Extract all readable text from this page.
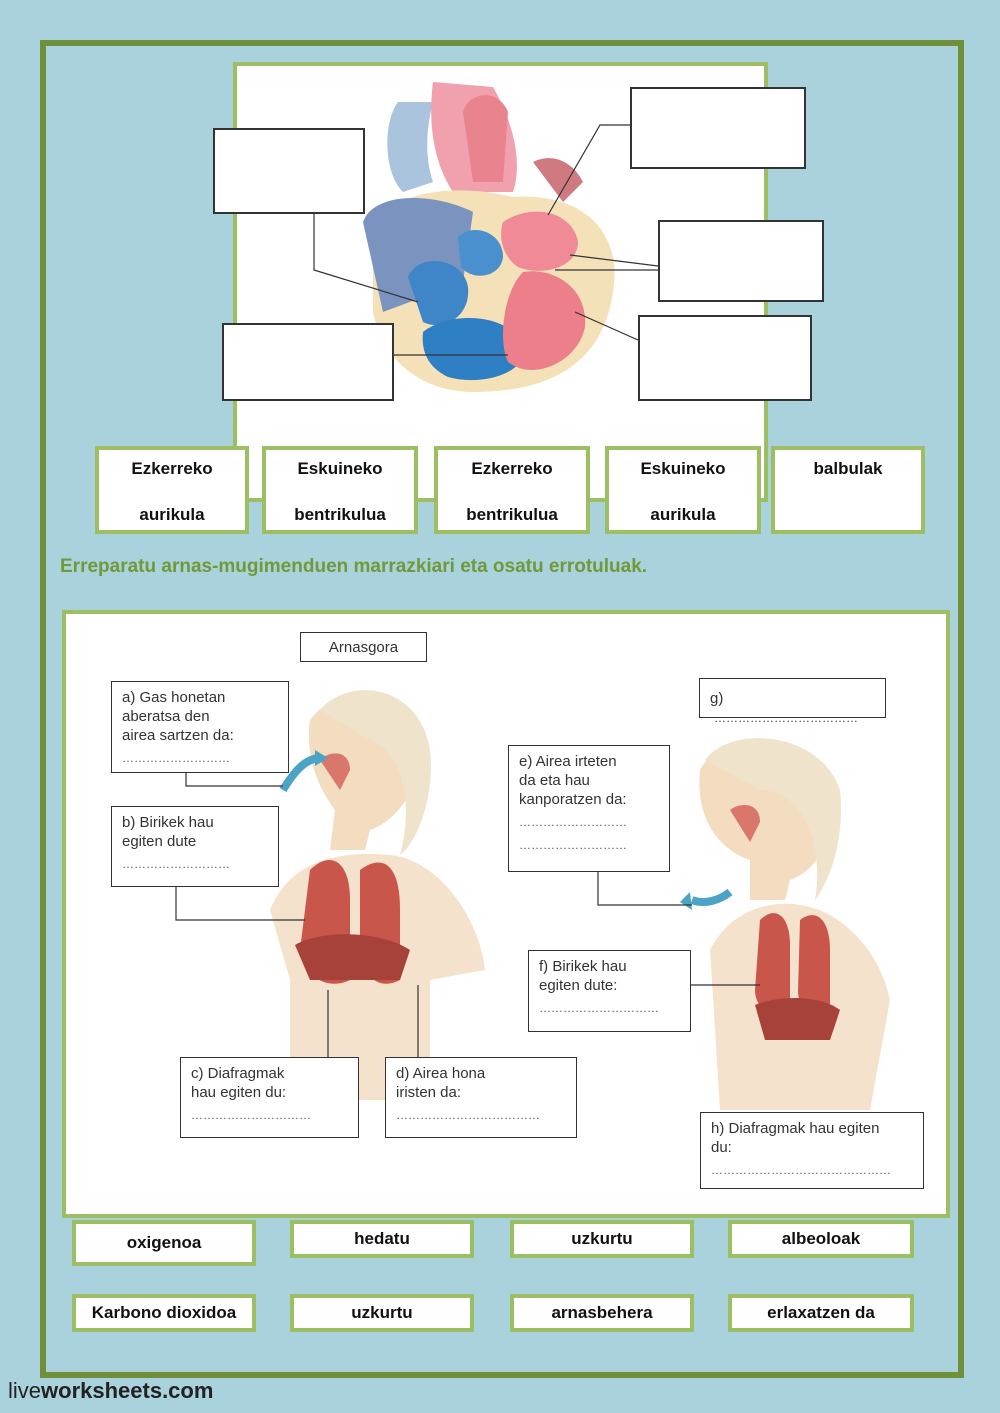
Ezkerreko
aurikula
Eskuineko
bentrikulua
Ezkerreko
bentrikulua
Eskuineko
aurikula
balbulak
Erreparatu arnas-mugimenduen marrazkiari eta osatu errotuluak.
Arnasgora
g) ………………………………
a) Gas honetan
aberatsa den
airea sartzen da:
………………………
b) Birikek hau
egiten dute
………………………
c) Diafragmak
hau egiten du:
…………………………
d) Airea hona
iristen da:
………………………………
e) Airea irteten
da eta hau
kanporatzen da:
………………………
………………………
f) Birikek hau
egiten dute:
…………………………
h) Diafragmak hau egiten
du:
………………………………………
oxigenoa	hedatu	uzkurtu	albeoloak
Karbono dioxidoa	uzkurtu	arnasbehera	erlaxatzen da
liveworksheets.com
